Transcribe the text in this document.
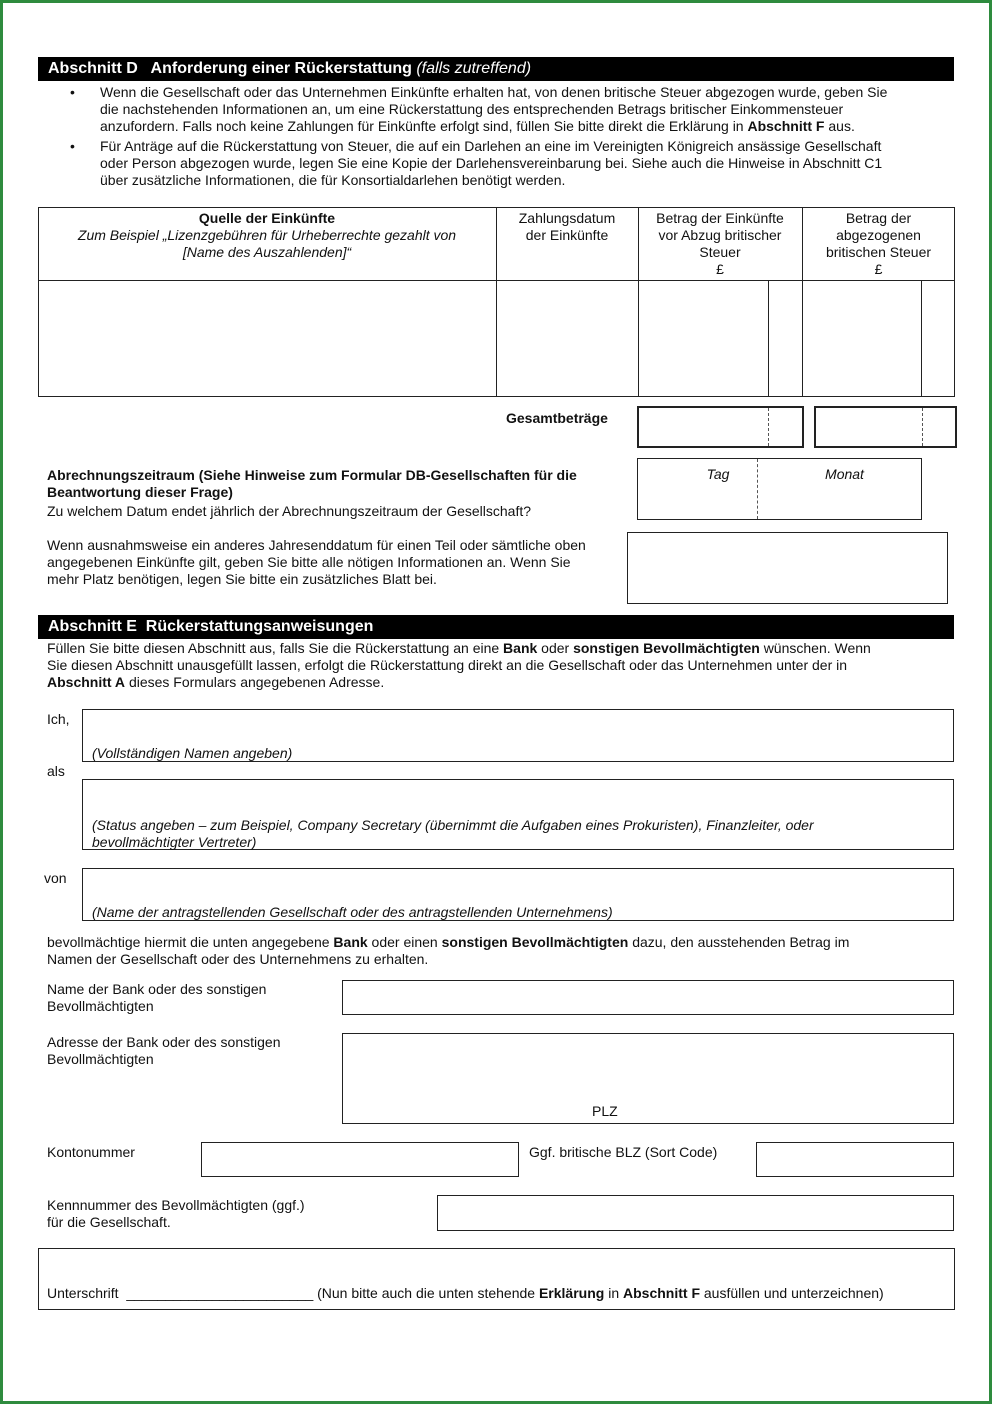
Abschnitt D Anforderung einer Rückerstattung (falls zutreffend)
• Wenn die Gesellschaft oder das Unternehmen Einkünfte erhalten hat, von denen britische Steuer abgezogen wurde, geben Sie
die nachstehenden Informationen an, um eine Rückerstattung des entsprechenden Betrags britischer Einkommensteuer
anzufordern. Falls noch keine Zahlungen für Einkünfte erfolgt sind, füllen Sie bitte direkt die Erklärung in Abschnitt F aus.
• Für Anträge auf die Rückerstattung von Steuer, die auf ein Darlehen an eine im Vereinigten Königreich ansässige Gesellschaft
oder Person abgezogen wurde, legen Sie eine Kopie der Darlehensvereinbarung bei. Siehe auch die Hinweise in Abschnitt C1
über zusätzliche Informationen, die für Konsortialdarlehen benötigt werden.
Quelle der Einkünfte
Zum Beispiel „Lizenzgebühren für Urheberrechte gezahlt von
[Name des Auszahlenden]“
Zahlungsdatum
der Einkünfte
Betrag der Einkünfte
vor Abzug britischer
Steuer
£
Betrag der
abgezogenen
britischen Steuer
£
Gesamtbeträge
Abrechnungszeitraum (Siehe Hinweise zum Formular DB-Gesellschaften für die
Beantwortung dieser Frage)
Zu welchem Datum endet jährlich der Abrechnungszeitraum der Gesellschaft?
Tag	Monat
Wenn ausnahmsweise ein anderes Jahresenddatum für einen Teil oder sämtliche oben
angegebenen Einkünfte gilt, geben Sie bitte alle nötigen Informationen an. Wenn Sie
mehr Platz benötigen, legen Sie bitte ein zusätzliches Blatt bei.
Abschnitt E Rückerstattungsanweisungen
Füllen Sie bitte diesen Abschnitt aus, falls Sie die Rückerstattung an eine Bank oder sonstigen Bevollmächtigten wünschen. Wenn
Sie diesen Abschnitt unausgefüllt lassen, erfolgt die Rückerstattung direkt an die Gesellschaft oder das Unternehmen unter der in
Abschnitt A dieses Formulars angegebenen Adresse.
Ich,
(Vollständigen Namen angeben)
als
(Status angeben – zum Beispiel, Company Secretary (übernimmt die Aufgaben eines Prokuristen), Finanzleiter, oder
bevollmächtigter Vertreter)
von
(Name der antragstellenden Gesellschaft oder des antragstellenden Unternehmens)
bevollmächtige hiermit die unten angegebene Bank oder einen sonstigen Bevollmächtigten dazu, den ausstehenden Betrag im
Namen der Gesellschaft oder des Unternehmens zu erhalten.
Name der Bank oder des sonstigen
Bevollmächtigten
Adresse der Bank oder des sonstigen
Bevollmächtigten
PLZ
Kontonummer	Ggf. britische BLZ (Sort Code)
Kennnummer des Bevollmächtigten (ggf.)
für die Gesellschaft.
Unterschrift ________________________ (Nun bitte auch die unten stehende Erklärung in Abschnitt F ausfüllen und unterzeichnen)
